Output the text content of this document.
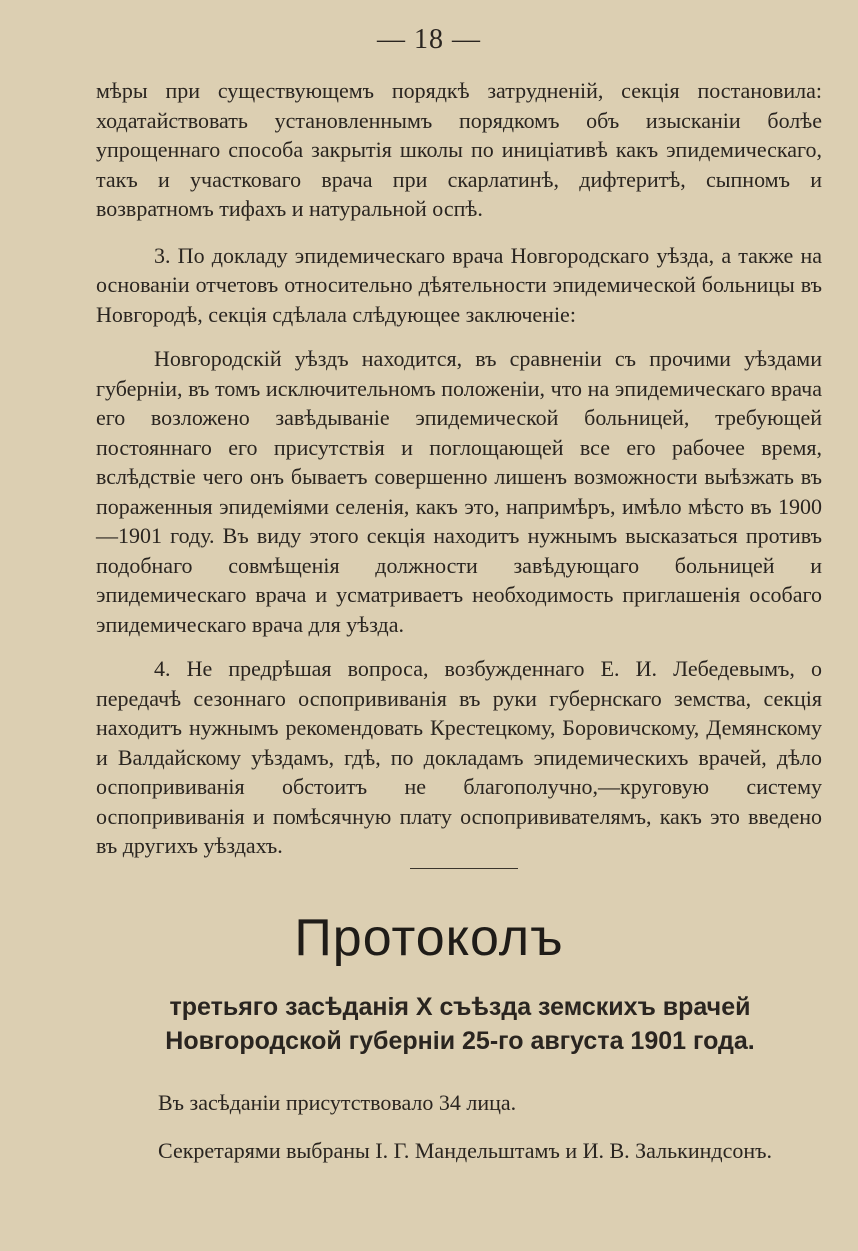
— 18 —

мѣры при существующемъ порядкѣ затрудненій, секція постановила: ходатайствовать установленнымъ порядкомъ объ изысканіи болѣе упрощеннаго способа закрытія школы по иниціативѣ какъ эпидемическаго, такъ и участковаго врача при скарлатинѣ, дифтеритѣ, сыпномъ и возвратномъ тифахъ и натуральной оспѣ.

3. По докладу эпидемическаго врача Новгородскаго уѣзда, а также на основаніи отчетовъ относительно дѣятельности эпидемической больницы въ Новгородѣ, секція сдѣлала слѣдующее заключеніе:

Новгородскій уѣздъ находится, въ сравненіи съ прочими уѣздами губерніи, въ томъ исключительномъ положеніи, что на эпидемическаго врача его возложено завѣдываніе эпидемической больницей, требующей постояннаго его присутствія и поглощающей все его рабочее время, вслѣдствіе чего онъ бываетъ совершенно лишенъ возможности выѣзжать въ пораженныя эпидеміями селенія, какъ это, напримѣръ, имѣло мѣсто въ 1900—1901 году. Въ виду этого секція находитъ нужнымъ высказаться противъ подобнаго совмѣщенія должности завѣдующаго больницей и эпидемическаго врача и усматриваетъ необходимость приглашенія особаго эпидемическаго врача для уѣзда.

4. Не предрѣшая вопроса, возбужденнаго Е. И. Лебедевымъ, о передачѣ сезоннаго оспопрививанія въ руки губернскаго земства, секція находитъ нужнымъ рекомендовать Крестецкому, Боровичскому, Демянскому и Валдайскому уѣздамъ, гдѣ, по докладамъ эпидемическихъ врачей, дѣло оспопрививанія обстоитъ не благополучно,—круговую систему оспопрививанія и помѣсячную плату оспопрививателямъ, какъ это введено въ другихъ уѣздахъ.

Протоколъ
третьяго засѣданія X съѣзда земскихъ врачей Новгородской губерніи 25-го августа 1901 года.
Въ засѣданіи присутствовало 34 лица.
Секретарями выбраны І. Г. Мандельштамъ и И. В. Залькиндсонъ.
